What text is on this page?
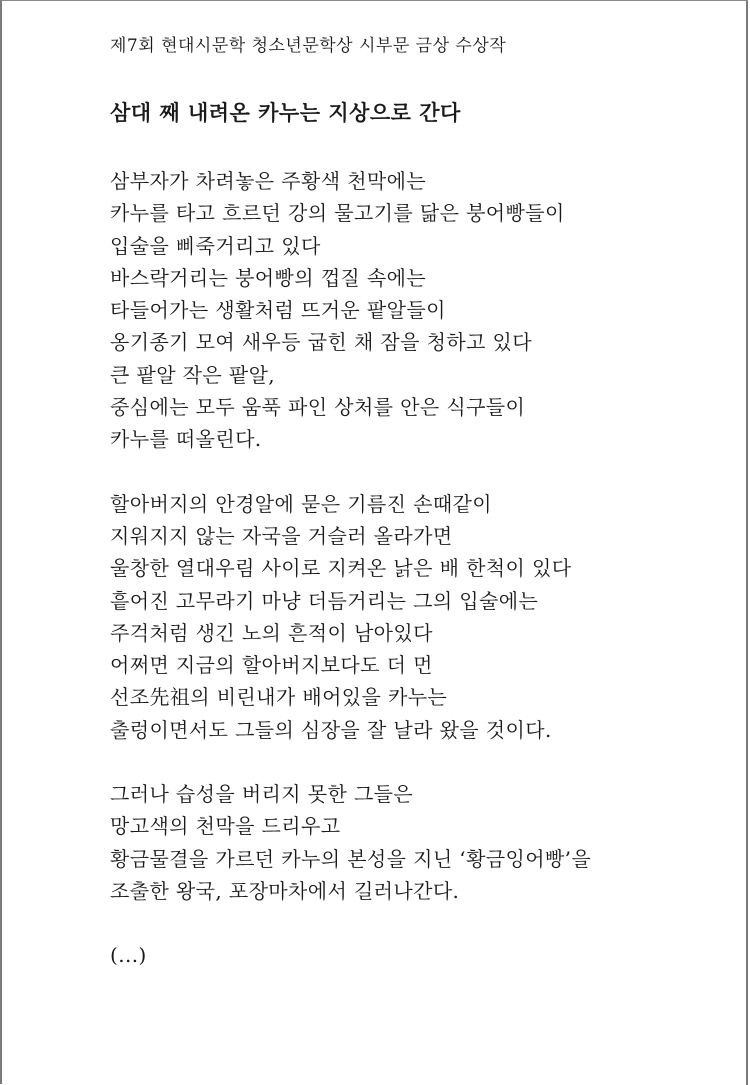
제7회 현대시문학 청소년문학상 시부문 금상 수상작

삼대 째 내려온 카누는 지상으로 간다

삼부자가 차려놓은 주황색 천막에는

카누를 타고 흐르던 강의 물고기를 닮은 붕어빵들이

입술을 삐죽거리고 있다

바스락거리는 붕어빵의 껍질 속에는

타들어가는 생활처럼 뜨거운 팥알들이

옹기종기 모여 새우등 굽힌 채 잠을 청하고 있다

큰 팥알 작은 팥알,

중심에는 모두 움푹 파인 상처를 안은 식구들이

카누를 떠올린다.

할아버지의 안경알에 묻은 기름진 손때같이

지워지지 않는 자국을 거슬러 올라가면

울창한 열대우림 사이로 지켜온 낡은 배 한척이 있다

흩어진 고무라기 마냥 더듬거리는 그의 입술에는

주걱처럼 생긴 노의 흔적이 남아있다

어쩌면 지금의 할아버지보다도 더 먼

선조先祖의 비린내가 배어있을 카누는

출렁이면서도 그들의 심장을 잘 날라 왔을 것이다.

그러나 습성을 버리지 못한 그들은

망고색의 천막을 드리우고

황금물결을 가르던 카누의 본성을 지닌 ‘황금잉어빵’을

조출한 왕국, 포장마차에서 길러나간다.

(...)
